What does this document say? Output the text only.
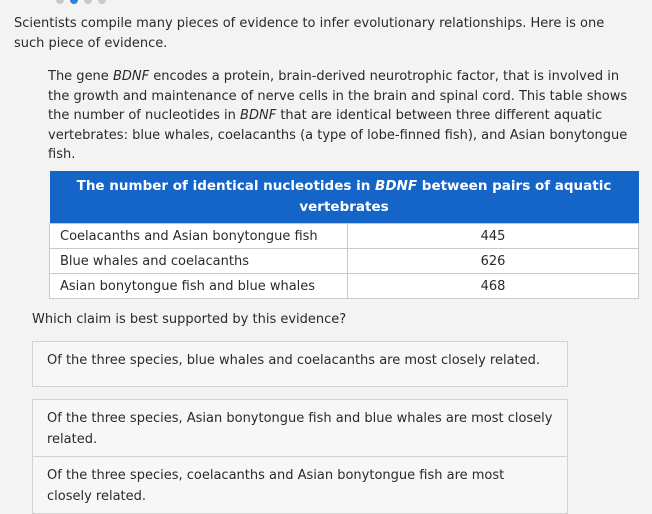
Scientists compile many pieces of evidence to infer evolutionary relationships. Here is one such piece of evidence.
The gene BDNF encodes a protein, brain-derived neurotrophic factor, that is involved in the growth and maintenance of nerve cells in the brain and spinal cord. This table shows the number of nucleotides in BDNF that are identical between three different aquatic vertebrates: blue whales, coelacanths (a type of lobe-finned fish), and Asian bonytongue fish.
The number of identical nucleotides in BDNF between pairs of aquatic vertebrates	
Coelacanths and Asian bonytongue fish	445
Blue whales and coelacanths	626
Asian bonytongue fish and blue whales	468
Which claim is best supported by this evidence?
Of the three species, blue whales and coelacanths are most closely related.
Of the three species, Asian bonytongue fish and blue whales are most closely related.
Of the three species, coelacanths and Asian bonytongue fish are most closely related.
